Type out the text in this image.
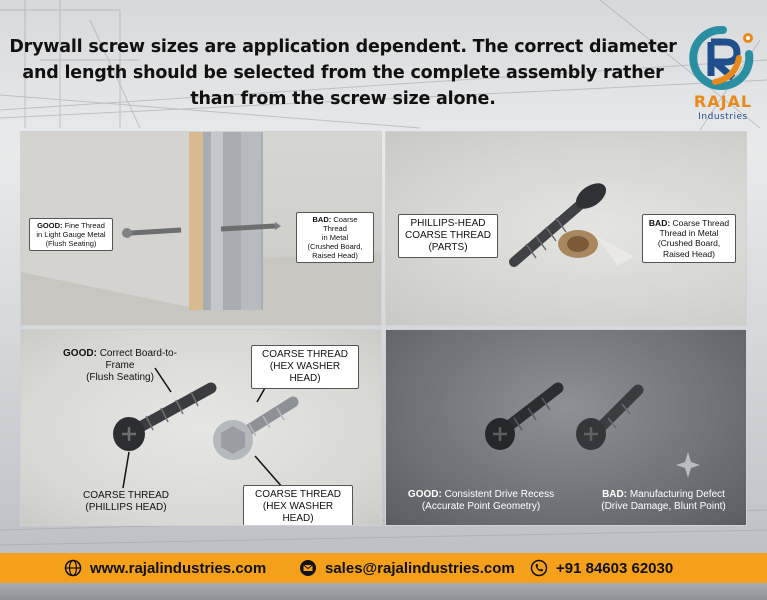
Drywall screw sizes are application dependent. The correct diameter
and length should be selected from the complete assembly rather
than from the screw size alone.	RAJAL
Industries
GOOD: Fine Thread
in Light Gauge Metal
(Flush Seating)
BAD: Coarse Thread
in Metal
(Crushed Board,
Raised Head)
PHILLIPS-HEAD
COARSE THREAD
(PARTS)
BAD: Coarse Thread
Thread in Metal
(Crushed Board,
Raised Head)
GOOD: Correct Board-to-Frame
(Flush Seating)
COARSE THREAD
(HEX WASHER HEAD)
COARSE THREAD
(PHILLIPS HEAD)
COARSE THREAD
(HEX WASHER HEAD)
GOOD: Consistent Drive Recess
(Accurate Point Geometry)
BAD: Manufacturing Defect
(Drive Damage, Blunt Point)
www.rajalindustries.com	sales@rajalindustries.com	+91 84603 62030
